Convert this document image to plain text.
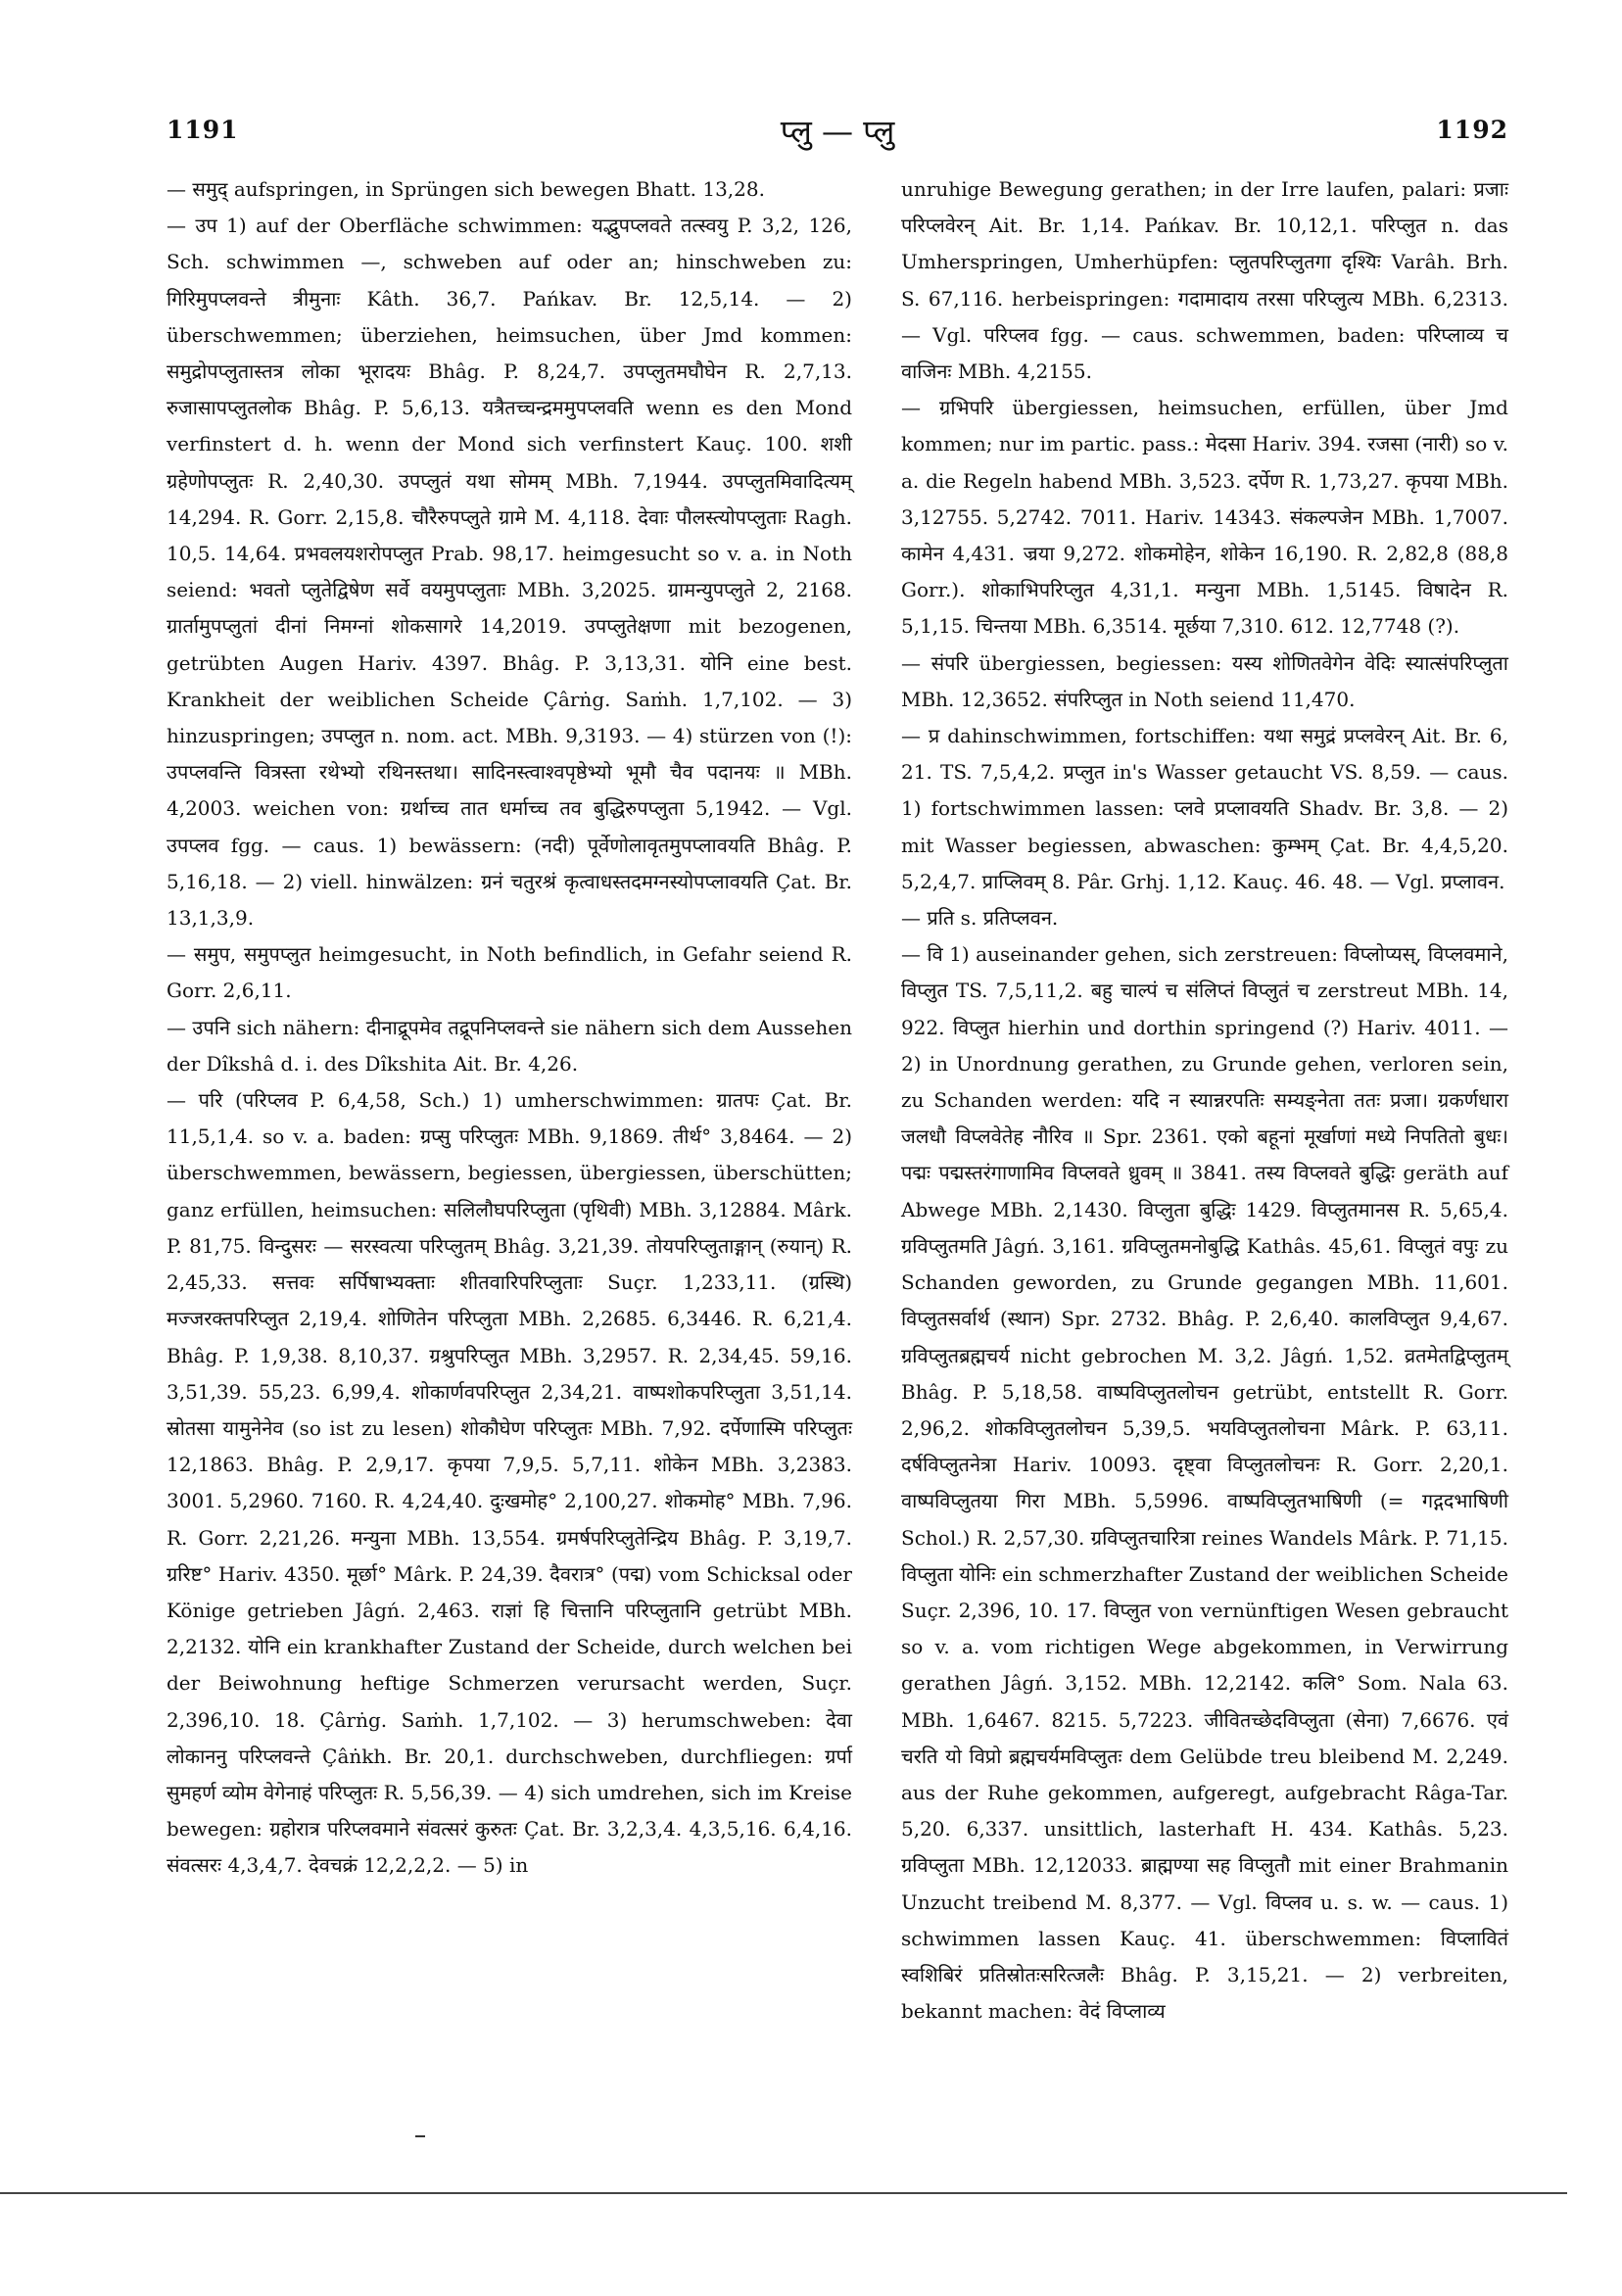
1191	प्लु — प्लु	1192

— समुद् aufspringen, in Sprüngen sich bewegen Bhatt. 13,28.

— उप 1) auf der Oberfläche schwimmen: यद्भुपप्लवते तत्स्वयु P. 3,2, 126, Sch. schwimmen —, schweben auf oder an; hinschweben zu: गिरिमुपप्लवन्ते त्रीमुनाः Kâth. 36,7. Pańkav. Br. 12,5,14. — 2) überschwemmen; überziehen, heimsuchen, über Jmd kommen: समुद्रोपप्लुतास्तत्र लोका भूरादयः Bhâg. P. 8,24,7. उपप्लुतमघौघेन R. 2,7,13. रुजासापप्लुतलोक Bhâg. P. 5,6,13. यत्रैतच्चन्द्रममुपप्लवति wenn es den Mond verfinstert d. h. wenn der Mond sich verfinstert Kauç. 100. शशी ग्रहेणोपप्लुतः R. 2,40,30. उपप्लुतं यथा सोमम् MBh. 7,1944. उपप्लुतमिवादित्यम् 14,294. R. Gorr. 2,15,8. चौरैरुपप्लुते ग्रामे M. 4,118. देवाः पौलस्त्योपप्लुताः Ragh. 10,5. 14,64. प्रभवलयशरोपप्लुत Prab. 98,17. heimgesucht so v. a. in Noth seiend: भवतो प्लुतेद्विषेण सर्वे वयमुपप्लुताः MBh. 3,2025. ग्रामन्युपप्लुते 2, 2168. ग्रार्तामुपप्लुतां दीनां निमग्नां शोकसागरे 14,2019. उपप्लुतेक्षणा mit bezogenen, getrübten Augen Hariv. 4397. Bhâg. P. 3,13,31. योनि eine best. Krankheit der weiblichen Scheide Çârṅg. Saṁh. 1,7,102. — 3) hinzuspringen; उपप्लुत n. nom. act. MBh. 9,3193. — 4) stürzen von (!): उपप्लवन्ति वित्रस्ता रथेभ्यो रथिनस्तथा। सादिनस्त्वाश्वपृष्ठेभ्यो भूमौ चैव पदानयः ॥ MBh. 4,2003. weichen von: ग्रर्थाच्च तात धर्माच्च तव बुद्धिरुपप्लुता 5,1942. — Vgl. उपप्लव fgg. — caus. 1) bewässern: (नदी) पूर्वेणोलावृतमुपप्लावयति Bhâg. P. 5,16,18. — 2) viell. hinwälzen: ग्रनं चतुरश्रं कृत्वाधस्तदमग्नस्योपप्लावयति Çat. Br. 13,1,3,9.

— समुप, समुपप्लुत heimgesucht, in Noth befindlich, in Gefahr seiend R. Gorr. 2,6,11.

— उपनि sich nähern: दीनाद्रूपमेव तद्रूपनिप्लवन्ते sie nähern sich dem Aussehen der Dîkshâ d. i. des Dîkshita Ait. Br. 4,26.

— परि (परिप्लव P. 6,4,58, Sch.) 1) umherschwimmen: ग्रातपः Çat. Br. 11,5,1,4. so v. a. baden: ग्रप्सु परिप्लुतः MBh. 9,1869. तीर्थ° 3,8464. — 2) überschwemmen, bewässern, begiessen, übergiessen, überschütten; ganz erfüllen, heimsuchen: सलिलौघपरिप्लुता (पृथिवी) MBh. 3,12884. Mârk. P. 81,75. विन्दुसरः — सरस्वत्या परिप्लुतम् Bhâg. 3,21,39. तोयपरिप्लुताङ्गान् (रुयान्) R. 2,45,33. सत्तवः सर्पिषाभ्यक्ताः शीतवारिपरिप्लुताः Suçr. 1,233,11. (ग्रस्थि) मज्जरक्तपरिप्लुत 2,19,4. शोणितेन परिप्लुता MBh. 2,2685. 6,3446. R. 6,21,4. Bhâg. P. 1,9,38. 8,10,37. ग्रश्रुपरिप्लुत MBh. 3,2957. R. 2,34,45. 59,16. 3,51,39. 55,23. 6,99,4. शोकार्णवपरिप्लुत 2,34,21. वाष्पशोकपरिप्लुता 3,51,14. स्रोतसा यामुनेनेव (so ist zu lesen) शोकौघेण परिप्लुतः MBh. 7,92. दर्पेणास्मि परिप्लुतः 12,1863. Bhâg. P. 2,9,17. कृपया 7,9,5. 5,7,11. शोकेन MBh. 3,2383. 3001. 5,2960. 7160. R. 4,24,40. दुःखमोह° 2,100,27. शोकमोह° MBh. 7,96. R. Gorr. 2,21,26. मन्युना MBh. 13,554. ग्रमर्षपरिप्लुतेन्द्रिय Bhâg. P. 3,19,7. ग्ररिष्ट° Hariv. 4350. मूर्छा° Mârk. P. 24,39. दैवरात्र° (पद्म) vom Schicksal oder Könige getrieben Jâgń. 2,463. राज्ञां हि चित्तानि परिप्लुतानि getrübt MBh. 2,2132. योनि ein krankhafter Zustand der Scheide, durch welchen bei der Beiwohnung heftige Schmerzen verursacht werden, Suçr. 2,396,10. 18. Çârṅg. Saṁh. 1,7,102. — 3) herumschweben: देवा लोकाननु परिप्लवन्ते Çâṅkh. Br. 20,1. durchschweben, durchfliegen: ग्रर्पा सुमहर्ण व्योम वेगेनाहं परिप्लुतः R. 5,56,39. — 4) sich umdrehen, sich im Kreise bewegen: ग्रहोरात्र परिप्लवमाने संवत्सरं कुरुतः Çat. Br. 3,2,3,4. 4,3,5,16. 6,4,16. संवत्सरः 4,3,4,7. देवचक्रं 12,2,2,2. — 5) in

unruhige Bewegung gerathen; in der Irre laufen, palari: प्रजाः परिप्लवेरन् Ait. Br. 1,14. Pańkav. Br. 10,12,1. परिप्लुत n. das Umherspringen, Umherhüpfen: प्लुतपरिप्लुतगा दृश्यिः Varâh. Brh. S. 67,116. herbeispringen: गदामादाय तरसा परिप्लुत्य MBh. 6,2313. — Vgl. परिप्लव fgg. — caus. schwemmen, baden: परिप्लाव्य च वाजिनः MBh. 4,2155.

— ग्रभिपरि übergiessen, heimsuchen, erfüllen, über Jmd kommen; nur im partic. pass.: मेदसा Hariv. 394. रजसा (नारी) so v. a. die Regeln habend MBh. 3,523. दर्पेण R. 1,73,27. कृपया MBh. 3,12755. 5,2742. 7011. Hariv. 14343. संकल्पजेन MBh. 1,7007. कामेन 4,431. ज्रया 9,272. शोकमोहेन, शोकेन 16,190. R. 2,82,8 (88,8 Gorr.). शोकाभिपरिप्लुत 4,31,1. मन्युना MBh. 1,5145. विषादेन R. 5,1,15. चिन्तया MBh. 6,3514. मूर्छया 7,310. 612. 12,7748 (?).

— संपरि übergiessen, begiessen: यस्य शोणितवेगेन वेदिः स्यात्संपरिप्लुता MBh. 12,3652. संपरिप्लुत in Noth seiend 11,470.

— प्र dahinschwimmen, fortschiffen: यथा समुद्रं प्रप्लवेरन् Ait. Br. 6, 21. TS. 7,5,4,2. प्रप्लुत in's Wasser getaucht VS. 8,59. — caus. 1) fortschwimmen lassen: प्लवे प्रप्लावयति Shadv. Br. 3,8. — 2) mit Wasser begiessen, abwaschen: कुम्भम् Çat. Br. 4,4,5,20. 5,2,4,7. प्राप्लिवम् 8. Pâr. Grhj. 1,12. Kauç. 46. 48. — Vgl. प्रप्लावन.

— प्रति s. प्रतिप्लवन.

— वि 1) auseinander gehen, sich zerstreuen: विप्लोप्यस्, विप्लवमाने, विप्लुत TS. 7,5,11,2. बहु चाल्पं च संलिप्तं विप्लुतं च zerstreut MBh. 14, 922. विप्लुत hierhin und dorthin springend (?) Hariv. 4011. — 2) in Unordnung gerathen, zu Grunde gehen, verloren sein, zu Schanden werden: यदि न स्यान्नरपतिः सम्यङ्नेता ततः प्रजा। ग्रकर्णधारा जलधौ विप्लवेतेह नौरिव ॥ Spr. 2361. एको बहूनां मूर्खाणां मध्ये निपतितो बुधः। पद्मः पद्मस्तरंगाणामिव विप्लवते ध्रुवम् ॥ 3841. तस्य विप्लवते बुद्धिः geräth auf Abwege MBh. 2,1430. विप्लुता बुद्धिः 1429. विप्लुतमानस R. 5,65,4. ग्रविप्लुतमति Jâgń. 3,161. ग्रविप्लुतमनोबुद्धि Kathâs. 45,61. विप्लुतं वपुः zu Schanden geworden, zu Grunde gegangen MBh. 11,601. विप्लुतसर्वार्थ (स्थान) Spr. 2732. Bhâg. P. 2,6,40. कालविप्लुत 9,4,67. ग्रविप्लुतब्रह्मचर्य nicht gebrochen M. 3,2. Jâgń. 1,52. व्रतमेतद्विप्लुतम् Bhâg. P. 5,18,58. वाष्पविप्लुतलोचन getrübt, entstellt R. Gorr. 2,96,2. शोकविप्लुतलोचन 5,39,5. भयविप्लुतलोचना Mârk. P. 63,11. दर्षविप्लुतनेत्रा Hariv. 10093. दृष्ट्वा विप्लुतलोचनः R. Gorr. 2,20,1. वाष्पविप्लुतया गिरा MBh. 5,5996. वाष्पविप्लुतभाषिणी (= गद्गदभाषिणी Schol.) R. 2,57,30. ग्रविप्लुतचारित्रा reines Wandels Mârk. P. 71,15. विप्लुता योनिः ein schmerzhafter Zustand der weiblichen Scheide Suçr. 2,396, 10. 17. विप्लुत von vernünftigen Wesen gebraucht so v. a. vom richtigen Wege abgekommen, in Verwirrung gerathen Jâgń. 3,152. MBh. 12,2142. कलि° Som. Nala 63. MBh. 1,6467. 8215. 5,7223. जीवितच्छेदविप्लुता (सेना) 7,6676. एवं चरति यो विप्रो ब्रह्मचर्यमविप्लुतः dem Gelübde treu bleibend M. 2,249. aus der Ruhe gekommen, aufgeregt, aufgebracht Râga-Tar. 5,20. 6,337. unsittlich, lasterhaft H. 434. Kathâs. 5,23. ग्रविप्लुता MBh. 12,12033. ब्राह्मण्या सह विप्लुतौ mit einer Brahmanin Unzucht treibend M. 8,377. — Vgl. विप्लव u. s. w. — caus. 1) schwimmen lassen Kauç. 41. überschwemmen: विप्लावितं स्वशिबिरं प्रतिस्रोतःसरित्जलैः Bhâg. P. 3,15,21. — 2) verbreiten, bekannt machen: वेदं विप्लाव्य
